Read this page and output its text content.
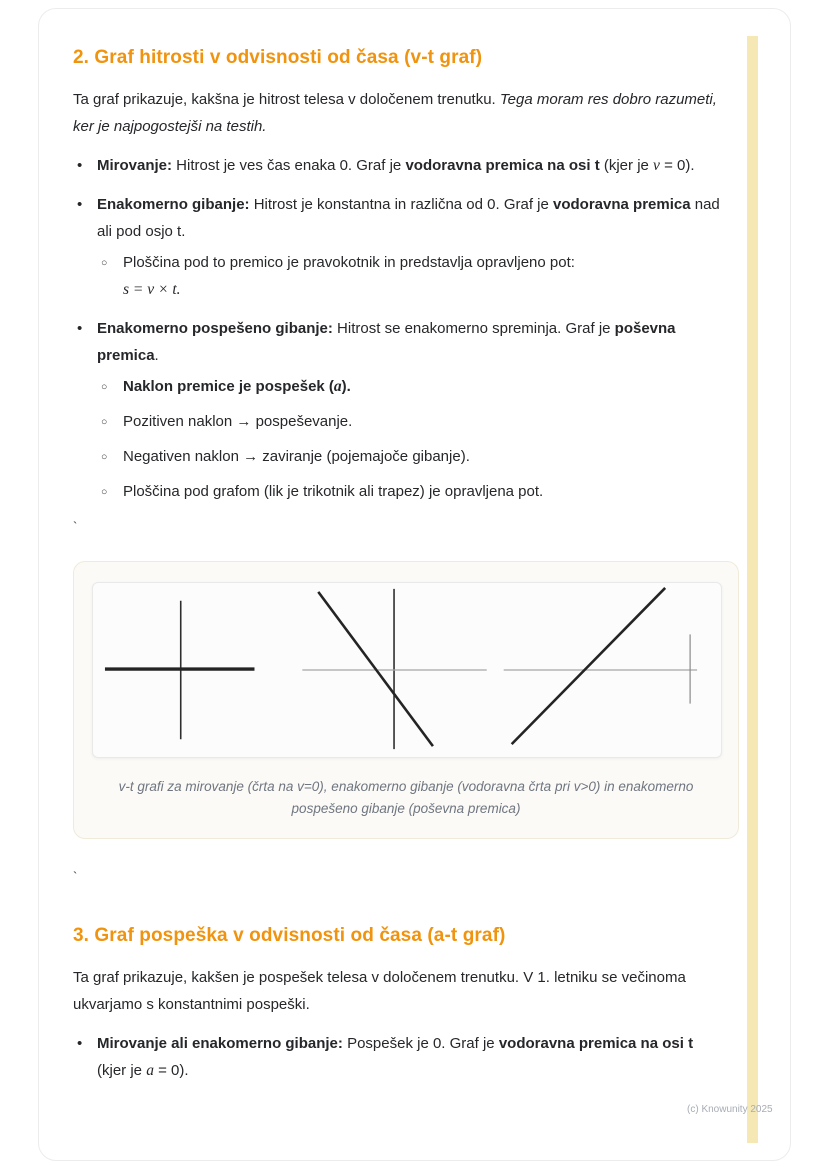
2. Graf hitrosti v odvisnosti od časa (v-t graf)

Ta graf prikazuje, kakšna je hitrost telesa v določenem trenutku. Tega moram res dobro razumeti, ker je najpogostejši na testih.

• Mirovanje: Hitrost je ves čas enaka 0. Graf je vodoravna premica na osi t (kjer je v = 0).
• Enakomerno gibanje: Hitrost je konstantna in različna od 0. Graf je vodoravna premica nad ali pod osjo t.
○ Ploščina pod to premico je pravokotnik in predstavlja opravljeno pot:
s = v × t.
• Enakomerno pospešeno gibanje: Hitrost se enakomerno spreminja. Graf je poševna premica.
○ Naklon premice je pospešek (a).
○ Pozitiven naklon → pospeševanje.
○ Negativen naklon → zaviranje (pojemajoče gibanje).
○ Ploščina pod grafom (lik je trikotnik ali trapez) je opravljena pot.
`
v-t grafi za mirovanje (črta na v=0), enakomerno gibanje (vodoravna črta pri v>0) in enakomerno pospešeno gibanje (poševna premica)
`
3. Graf pospeška v odvisnosti od časa (a-t graf)

Ta graf prikazuje, kakšen je pospešek telesa v določenem trenutku. V 1. letniku se večinoma ukvarjamo s konstantnimi pospeški.

• Mirovanje ali enakomerno gibanje: Pospešek je 0. Graf je vodoravna premica na osi t (kjer je a = 0).
(c) Knowunity 2025
